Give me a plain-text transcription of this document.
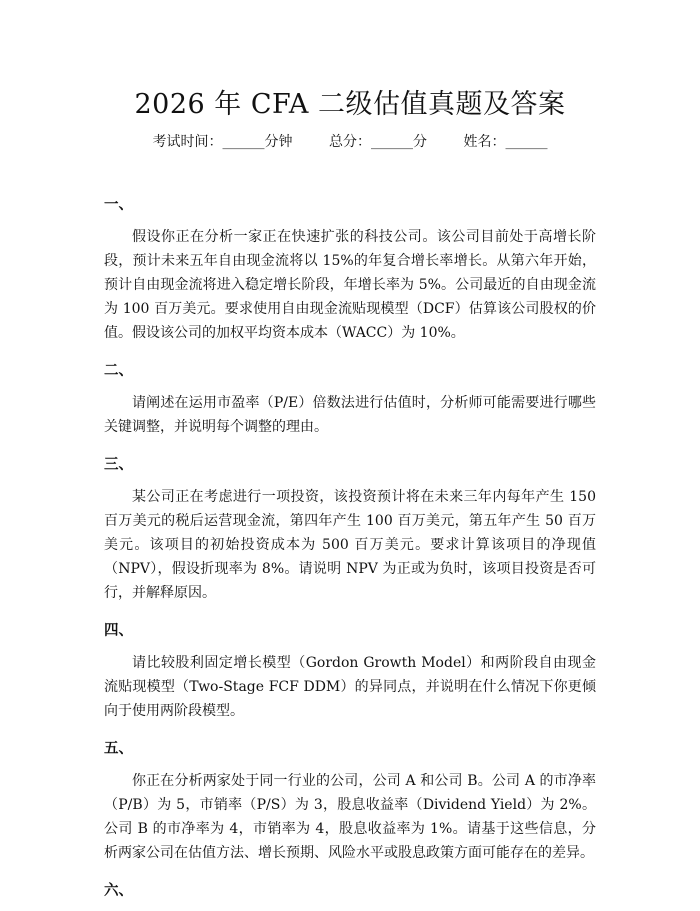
2026 年 CFA 二级估值真题及答案
考试时间：______分钟	总分：______分	姓名：______
一、

假设你正在分析一家正在快速扩张的科技公司。该公司目前处于高增长阶段，预计未来五年自由现金流将以 15%的年复合增长率增长。从第六年开始，预计自由现金流将进入稳定增长阶段，年增长率为 5%。公司最近的自由现金流为 100 百万美元。要求使用自由现金流贴现模型（DCF）估算该公司股权的价值。假设该公司的加权平均资本成本（WACC）为 10%。

二、

请阐述在运用市盈率（P/E）倍数法进行估值时，分析师可能需要进行哪些关键调整，并说明每个调整的理由。

三、

某公司正在考虑进行一项投资，该投资预计将在未来三年内每年产生 150 百万美元的税后运营现金流，第四年产生 100 百万美元，第五年产生 50 百万美元。该项目的初始投资成本为 500 百万美元。要求计算该项目的净现值（NPV），假设折现率为 8%。请说明 NPV 为正或为负时，该项目投资是否可行，并解释原因。

四、

请比较股利固定增长模型（Gordon Growth Model）和两阶段自由现金流贴现模型（Two-Stage FCF DDM）的异同点，并说明在什么情况下你更倾向于使用两阶段模型。

五、

你正在分析两家处于同一行业的公司，公司 A 和公司 B。公司 A 的市净率（P/B）为 5，市销率（P/S）为 3，股息收益率（Dividend Yield）为 2%。公司 B 的市净率为 4，市销率为 4，股息收益率为 1%。请基于这些信息，分析两家公司在估值方法、增长预期、风险水平或股息政策方面可能存在的差异。

六、
